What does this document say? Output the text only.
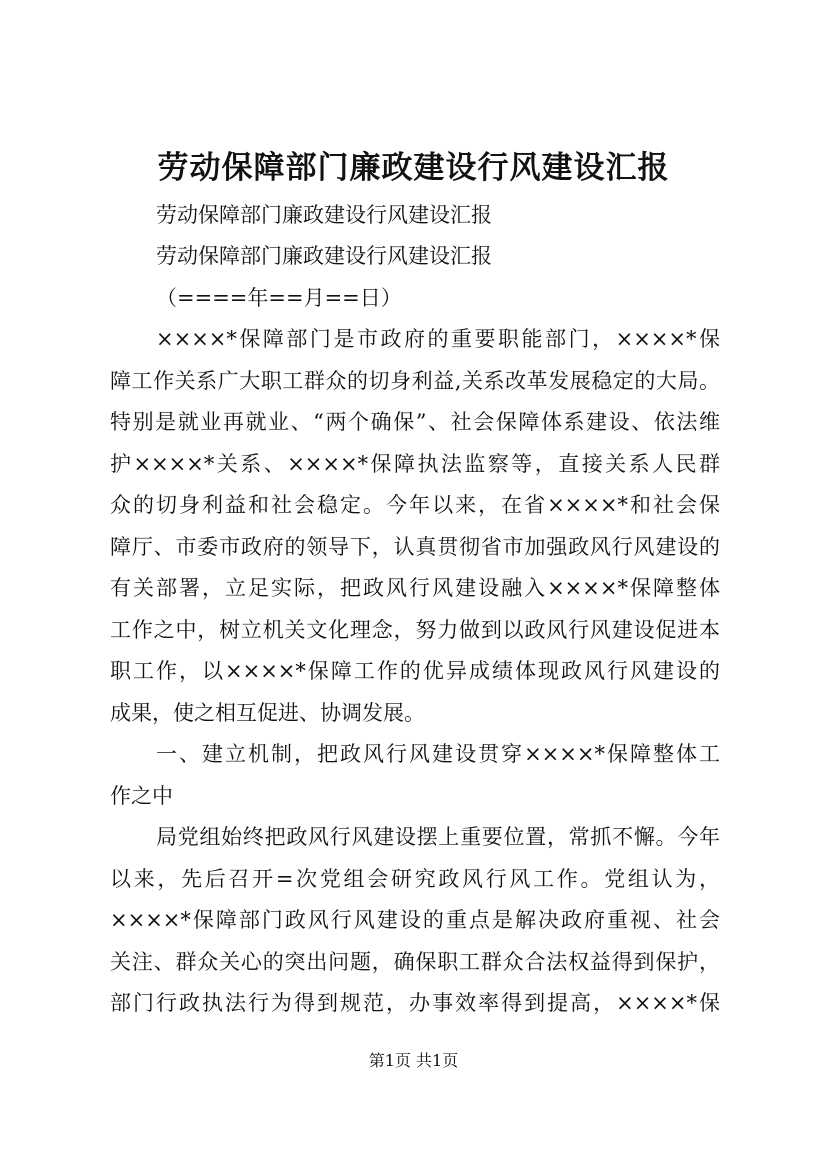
劳动保障部门廉政建设行风建设汇报
劳动保障部门廉政建设行风建设汇报
劳动保障部门廉政建设行风建设汇报
（====年==月==日）
××××*保障部门是市政府的重要职能部门，××××*保
障工作关系广大职工群众的切身利益,关系改革发展稳定的大局。
特别是就业再就业、“两个确保”、社会保障体系建设、依法维
护××××*关系、××××*保障执法监察等，直接关系人民群
众的切身利益和社会稳定。今年以来，在省××××*和社会保
障厅、市委市政府的领导下，认真贯彻省市加强政风行风建设的
有关部署，立足实际，把政风行风建设融入××××*保障整体
工作之中，树立机关文化理念，努力做到以政风行风建设促进本
职工作，以××××*保障工作的优异成绩体现政风行风建设的
成果，使之相互促进、协调发展。
一、建立机制，把政风行风建设贯穿××××*保障整体工
作之中
局党组始终把政风行风建设摆上重要位置，常抓不懈。今年
以来，先后召开=次党组会研究政风行风工作。党组认为，
××××*保障部门政风行风建设的重点是解决政府重视、社会
关注、群众关心的突出问题，确保职工群众合法权益得到保护，
部门行政执法行为得到规范，办事效率得到提高，××××*保
第1页 共1页
